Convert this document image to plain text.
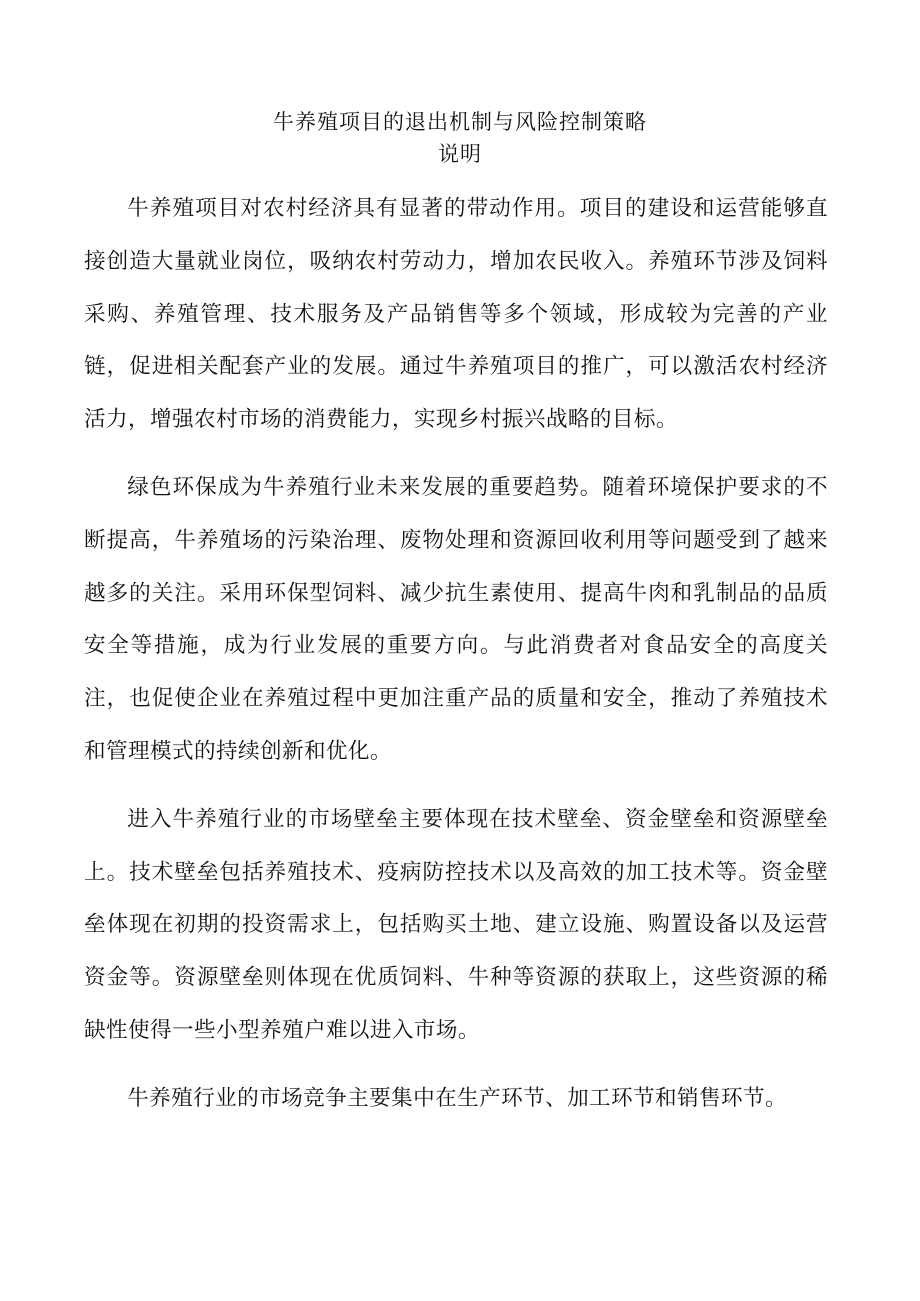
牛养殖项目的退出机制与风险控制策略
说明

牛养殖项目对农村经济具有显著的带动作用。项目的建设和运营能够直接创造大量就业岗位，吸纳农村劳动力，增加农民收入。养殖环节涉及饲料采购、养殖管理、技术服务及产品销售等多个领域，形成较为完善的产业链，促进相关配套产业的发展。通过牛养殖项目的推广，可以激活农村经济活力，增强农村市场的消费能力，实现乡村振兴战略的目标。

绿色环保成为牛养殖行业未来发展的重要趋势。随着环境保护要求的不断提高，牛养殖场的污染治理、废物处理和资源回收利用等问题受到了越来越多的关注。采用环保型饲料、减少抗生素使用、提高牛肉和乳制品的品质安全等措施，成为行业发展的重要方向。与此消费者对食品安全的高度关注，也促使企业在养殖过程中更加注重产品的质量和安全，推动了养殖技术和管理模式的持续创新和优化。

进入牛养殖行业的市场壁垒主要体现在技术壁垒、资金壁垒和资源壁垒上。技术壁垒包括养殖技术、疫病防控技术以及高效的加工技术等。资金壁垒体现在初期的投资需求上，包括购买土地、建立设施、购置设备以及运营资金等。资源壁垒则体现在优质饲料、牛种等资源的获取上，这些资源的稀缺性使得一些小型养殖户难以进入市场。

牛养殖行业的市场竞争主要集中在生产环节、加工环节和销售环节。
